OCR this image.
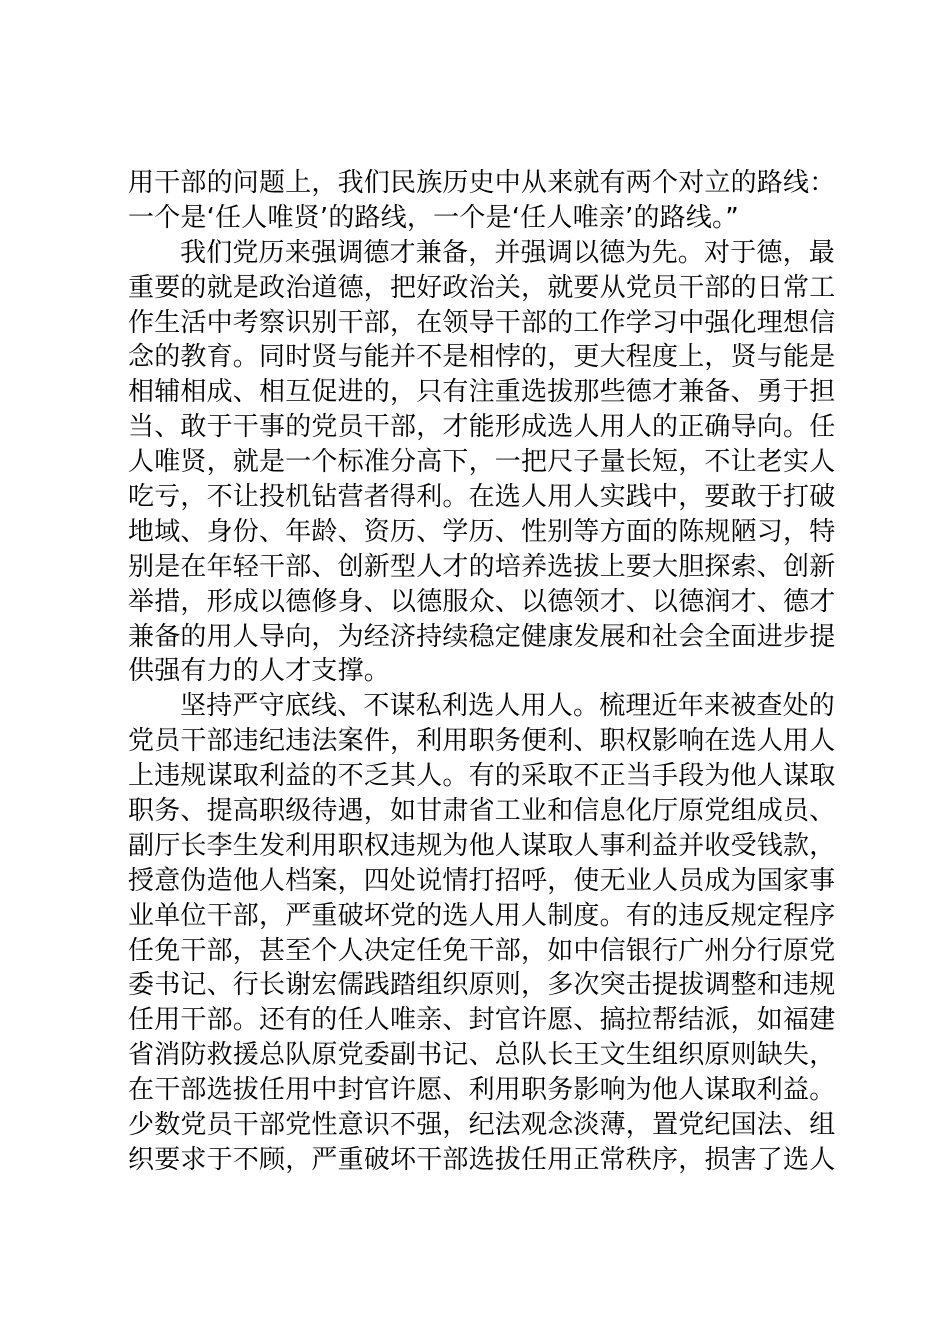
用干部的问题上，我们民族历史中从来就有两个对立的路线：
一个是‘任人唯贤’的路线，一个是‘任人唯亲’的路线。”
我们党历来强调德才兼备，并强调以德为先。对于德，最
重要的就是政治道德，把好政治关，就要从党员干部的日常工
作生活中考察识别干部，在领导干部的工作学习中强化理想信
念的教育。同时贤与能并不是相悖的，更大程度上，贤与能是
相辅相成、相互促进的，只有注重选拔那些德才兼备、勇于担
当、敢于干事的党员干部，才能形成选人用人的正确导向。任
人唯贤，就是一个标准分高下，一把尺子量长短，不让老实人
吃亏，不让投机钻营者得利。在选人用人实践中，要敢于打破
地域、身份、年龄、资历、学历、性别等方面的陈规陋习，特
别是在年轻干部、创新型人才的培养选拔上要大胆探索、创新
举措，形成以德修身、以德服众、以德领才、以德润才、德才
兼备的用人导向，为经济持续稳定健康发展和社会全面进步提
供强有力的人才支撑。
坚持严守底线、不谋私利选人用人。梳理近年来被查处的
党员干部违纪违法案件，利用职务便利、职权影响在选人用人
上违规谋取利益的不乏其人。有的采取不正当手段为他人谋取
职务、提高职级待遇，如甘肃省工业和信息化厅原党组成员、
副厅长李生发利用职权违规为他人谋取人事利益并收受钱款，
授意伪造他人档案，四处说情打招呼，使无业人员成为国家事
业单位干部，严重破坏党的选人用人制度。有的违反规定程序
任免干部，甚至个人决定任免干部，如中信银行广州分行原党
委书记、行长谢宏儒践踏组织原则，多次突击提拔调整和违规
任用干部。还有的任人唯亲、封官许愿、搞拉帮结派，如福建
省消防救援总队原党委副书记、总队长王文生组织原则缺失，
在干部选拔任用中封官许愿、利用职务影响为他人谋取利益。
少数党员干部党性意识不强，纪法观念淡薄，置党纪国法、组
织要求于不顾，严重破坏干部选拔任用正常秩序，损害了选人
